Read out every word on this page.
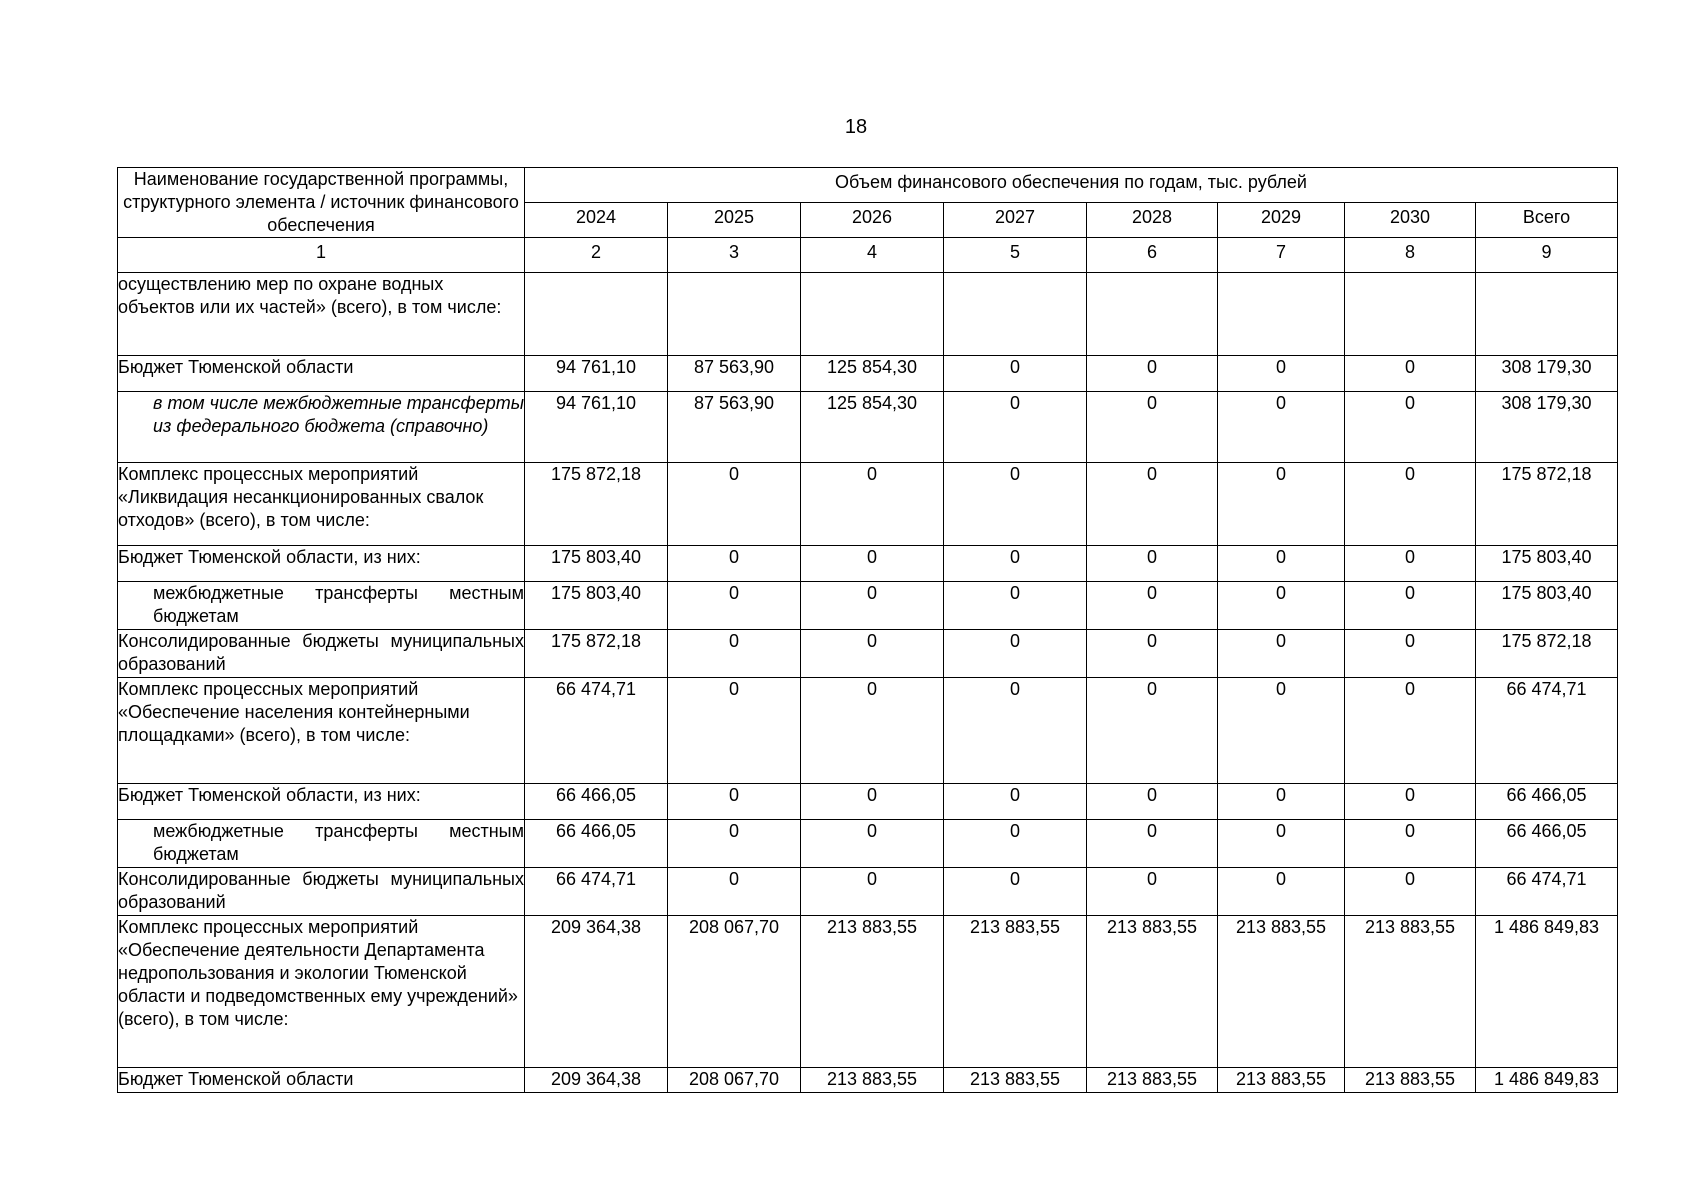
18
Наименование государственной программы, структурного элемента / источник финансового обеспечения	Объем финансового обеспечения по годам, тыс. рублей							
	2024	2025	2026	2027	2028	2029	2030	Всего
1	2	3	4	5	6	7	8	9
осуществлению мер по охране водных объектов или их частей» (всего), в том числе:								
Бюджет Тюменской области	94 761,10	87 563,90	125 854,30	0	0	0	0	308 179,30
в том числе межбюджетные трансферты из федерального бюджета (справочно)	94 761,10	87 563,90	125 854,30	0	0	0	0	308 179,30
Комплекс процессных мероприятий «Ликвидация несанкционированных свалок отходов» (всего), в том числе:	175 872,18	0	0	0	0	0	0	175 872,18
Бюджет Тюменской области, из них:	175 803,40	0	0	0	0	0	0	175 803,40
межбюджетные трансферты местным бюджетам	175 803,40	0	0	0	0	0	0	175 803,40
Консолидированные бюджеты муниципальных образований	175 872,18	0	0	0	0	0	0	175 872,18
Комплекс процессных мероприятий «Обеспечение населения контейнерными площадками» (всего), в том числе:	66 474,71	0	0	0	0	0	0	66 474,71
Бюджет Тюменской области, из них:	66 466,05	0	0	0	0	0	0	66 466,05
межбюджетные трансферты местным бюджетам	66 466,05	0	0	0	0	0	0	66 466,05
Консолидированные бюджеты муниципальных образований	66 474,71	0	0	0	0	0	0	66 474,71
Комплекс процессных мероприятий «Обеспечение деятельности Департамента недропользования и экологии Тюменской области и подведомственных ему учреждений» (всего), в том числе:	209 364,38	208 067,70	213 883,55	213 883,55	213 883,55	213 883,55	213 883,55	1 486 849,83
Бюджет Тюменской области	209 364,38	208 067,70	213 883,55	213 883,55	213 883,55	213 883,55	213 883,55	1 486 849,83
